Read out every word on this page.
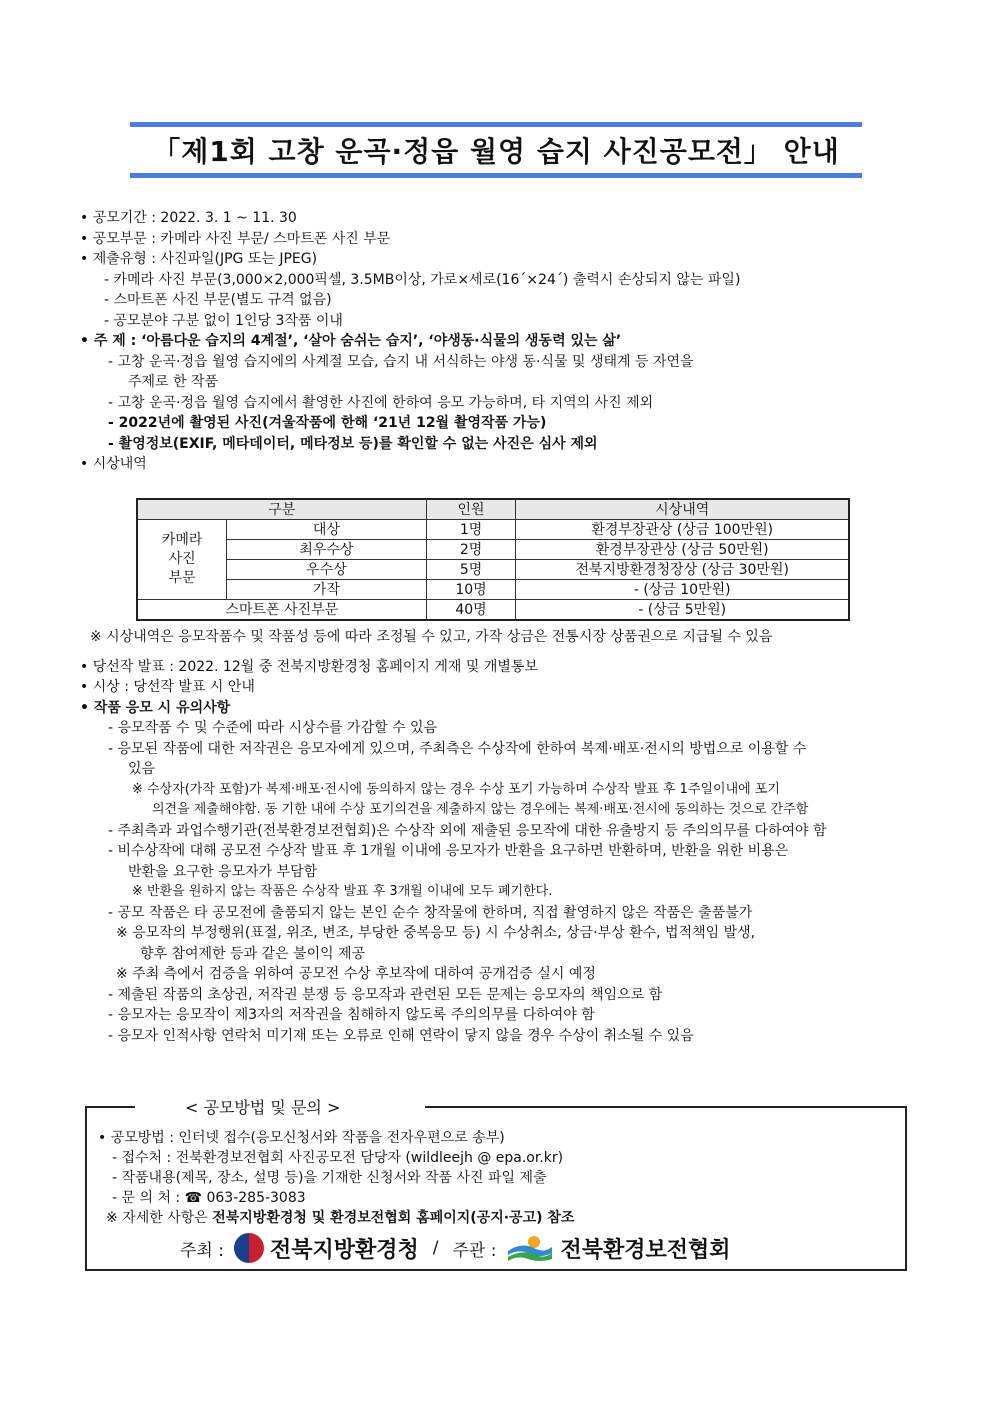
「제1회 고창 운곡·정읍 월영 습지 사진공모전」 안내
• 공모기간 : 2022. 3. 1 ~ 11. 30
• 공모부문 : 카메라 사진 부문/ 스마트폰 사진 부문
• 제출유형 : 사진파일(JPG 또는 JPEG)
- 카메라 사진 부문(3,000×2,000픽셀, 3.5MB이상, 가로×세로(16´×24´) 출력시 손상되지 않는 파일)
- 스마트폰 사진 부문(별도 규격 없음)
- 공모분야 구분 없이 1인당 3작품 이내
• 주 제 : ‘아름다운 습지의 4계절’, ‘살아 숨쉬는 습지’, ‘야생동·식물의 생동력 있는 삶’
- 고창 운곡·정읍 월영 습지에의 사계절 모습, 습지 내 서식하는 야생 동·식물 및 생태계 등 자연을
주제로 한 작품
- 고창 운곡·정읍 월영 습지에서 촬영한 사진에 한하여 응모 가능하며, 타 지역의 사진 제외
- 2022년에 촬영된 사진(겨울작품에 한해 ‘21년 12월 촬영작품 가능)
- 촬영정보(EXIF, 메타데이터, 메타정보 등)를 확인할 수 없는 사진은 심사 제외
• 시상내역
구분		인원	시상내역
카메라
사진
부문	대상	1명	환경부장관상 (상금 100만원)
	최우수상	2명	환경부장관상 (상금 50만원)
	우수상	5명	전북지방환경청장상 (상금 30만원)
	가작	10명	- (상금 10만원)
스마트폰 사진부문		40명	- (상금 5만원)
※ 시상내역은 응모작품수 및 작품성 등에 따라 조정될 수 있고, 가작 상금은 전통시장 상품권으로 지급될 수 있음
• 당선작 발표 : 2022. 12월 중 전북지방환경청 홈페이지 게재 및 개별통보
• 시상 : 당선작 발표 시 안내
• 작품 응모 시 유의사항
- 응모작품 수 및 수준에 따라 시상수를 가감할 수 있음
- 응모된 작품에 대한 저작권은 응모자에게 있으며, 주최측은 수상작에 한하여 복제·배포·전시의 방법으로 이용할 수
있음
※ 수상자(가작 포함)가 복제·배포·전시에 동의하지 않는 경우 수상 포기 가능하며 수상작 발표 후 1주일이내에 포기
의견을 제출해야함. 동 기한 내에 수상 포기의견을 제출하지 않는 경우에는 복제·배포·전시에 동의하는 것으로 간주함
- 주최측과 과업수행기관(전북환경보전협회)은 수상작 외에 제출된 응모작에 대한 유출방지 등 주의의무를 다하여야 함
- 비수상작에 대해 공모전 수상작 발표 후 1개월 이내에 응모자가 반환을 요구하면 반환하며, 반환을 위한 비용은
반환을 요구한 응모자가 부담함
※ 반환을 원하지 않는 작품은 수상작 발표 후 3개월 이내에 모두 폐기한다.
- 공모 작품은 타 공모전에 출품되지 않는 본인 순수 창작물에 한하며, 직접 촬영하지 않은 작품은 출품불가
※ 응모작의 부정행위(표절, 위조, 변조, 부당한 중복응모 등) 시 수상취소, 상금·부상 환수, 법적책임 발생,
향후 참여제한 등과 같은 불이익 제공
※ 주최 측에서 검증을 위하여 공모전 수상 후보작에 대하여 공개검증 실시 예정
- 제출된 작품의 초상권, 저작권 분쟁 등 응모작과 관련된 모든 문제는 응모자의 책임으로 함
- 응모자는 응모작이 제3자의 저작권을 침해하지 않도록 주의의무를 다하여야 함
- 응모자 인적사항 연락처 미기재 또는 오류로 인해 연락이 닿지 않을 경우 수상이 취소될 수 있음
< 공모방법 및 문의 >
• 공모방법 : 인터넷 접수(응모신청서와 작품을 전자우편으로 송부)
- 접수처 : 전북환경보전협회 사진공모전 담당자 (wildleejh @ epa.or.kr)
- 작품내용(제목, 장소, 설명 등)을 기재한 신청서와 작품 사진 파일 제출
- 문 의 처 : ☎ 063-285-3083
※ 자세한 사항은 전북지방환경청 및 환경보전협회 홈페이지(공지·공고) 참조
주최 : 전북지방환경청 / 주관 :	전북환경보전협회
